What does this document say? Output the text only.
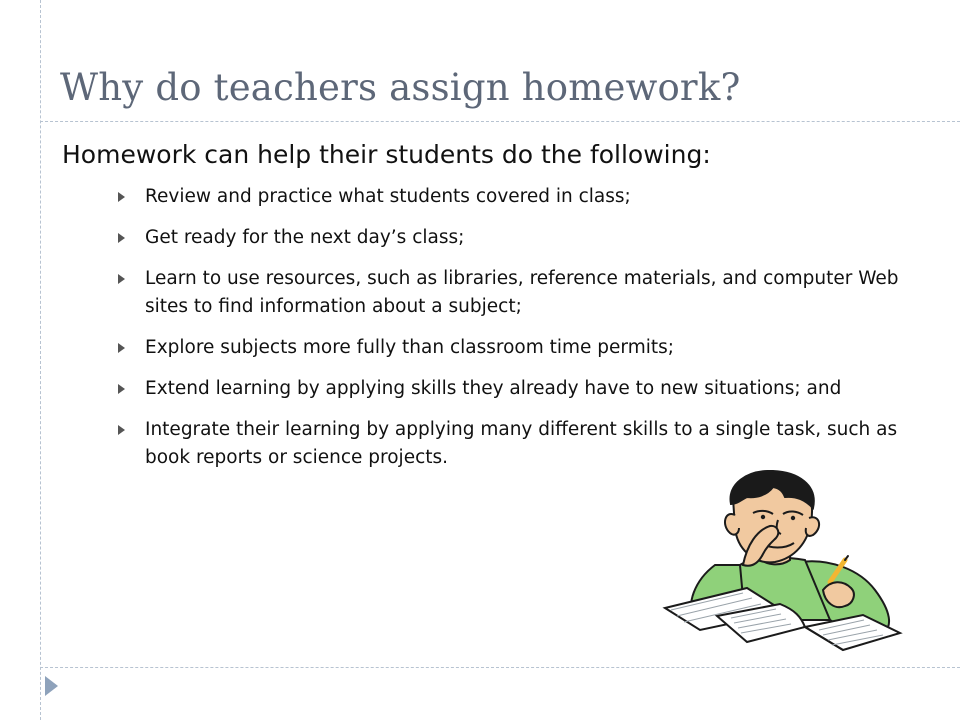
Why do teachers assign homework?

Homework can help their students do the following:

Review and practice what students covered in class;
Get ready for the next day’s class;
Learn to use resources, such as libraries, reference materials, and computer Web sites to find information about a subject;
Explore subjects more fully than classroom time permits;
Extend learning by applying skills they already have to new situations; and
Integrate their learning by applying many different skills to a single task, such as book reports or science projects.
